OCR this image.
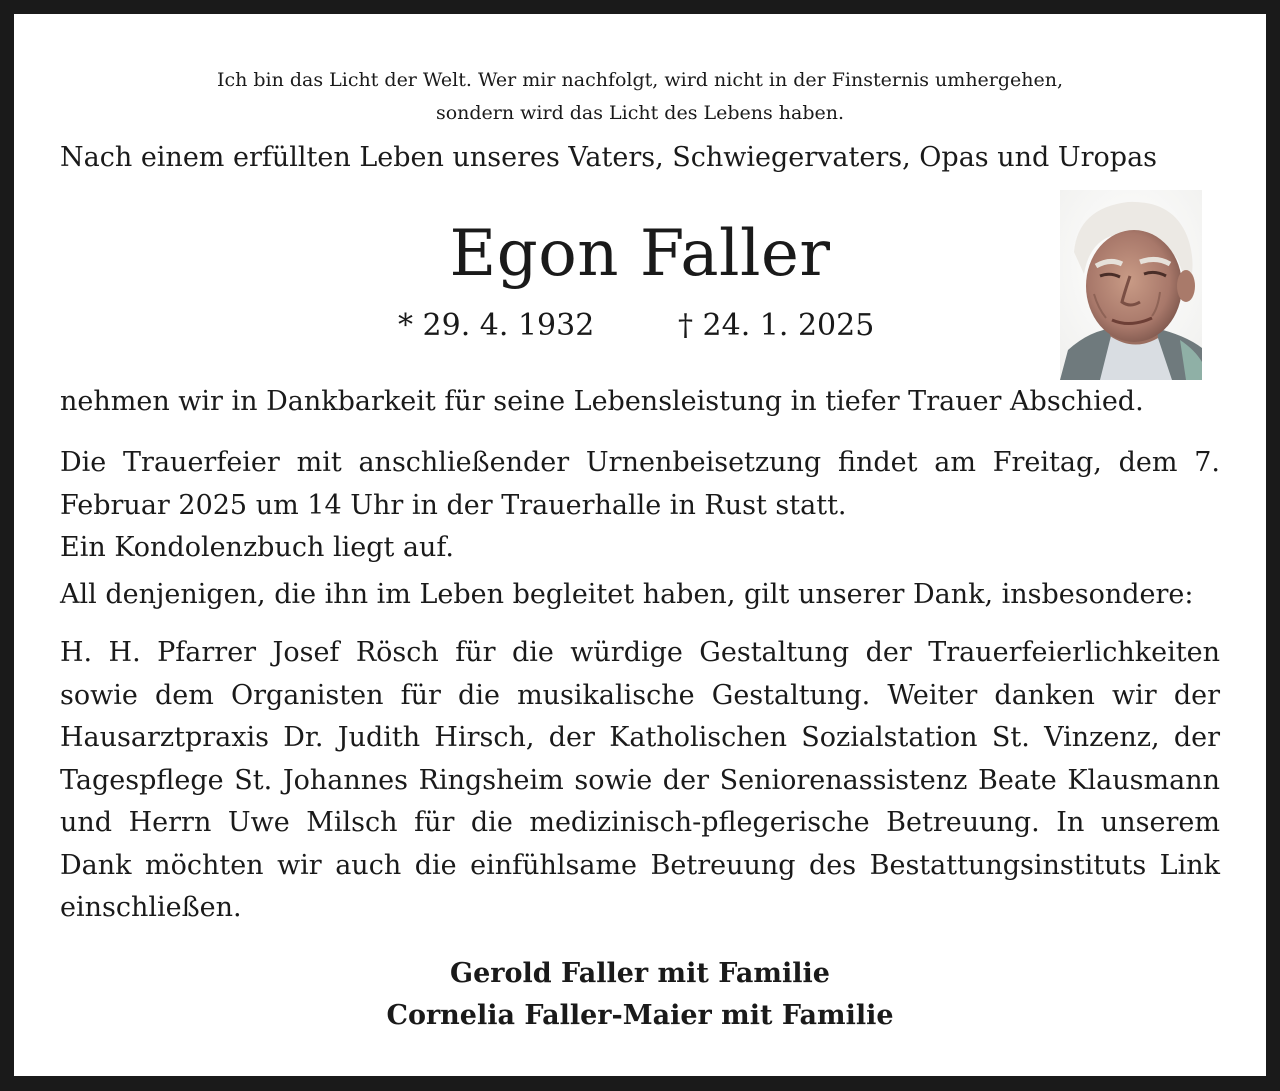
Ich bin das Licht der Welt. Wer mir nachfolgt, wird nicht in der Finsternis umhergehen,
sondern wird das Licht des Lebens haben.
Nach einem erfüllten Leben unseres Vaters, Schwiegervaters, Opas und Uropas
Egon Faller
* 29. 4. 1932	† 24. 1. 2025
nehmen wir in Dankbarkeit für seine Lebensleistung in tiefer Trauer Abschied.

Die Trauerfeier mit anschließender Urnenbeisetzung findet am Freitag, dem 7. Februar 2025 um 14 Uhr in der Trauerhalle in Rust statt.

Ein Kondolenzbuch liegt auf.

All denjenigen, die ihn im Leben begleitet haben, gilt unserer Dank, insbesondere:

H. H. Pfarrer Josef Rösch für die würdige Gestaltung der Trauerfeierlichkeiten sowie dem Organisten für die musikalische Gestaltung. Weiter danken wir der Hausarztpraxis Dr. Judith Hirsch, der Katholischen Sozialstation St. Vinzenz, der Tagespflege St. Johannes Ringsheim sowie der Seniorenassistenz Beate Klausmann und Herrn Uwe Milsch für die medizinisch-pflegerische Betreuung. In unserem Dank möchten wir auch die einfühlsame Betreuung des Bestattungsinstituts Link einschließen.

Gerold Faller mit Familie
Cornelia Faller-Maier mit Familie
